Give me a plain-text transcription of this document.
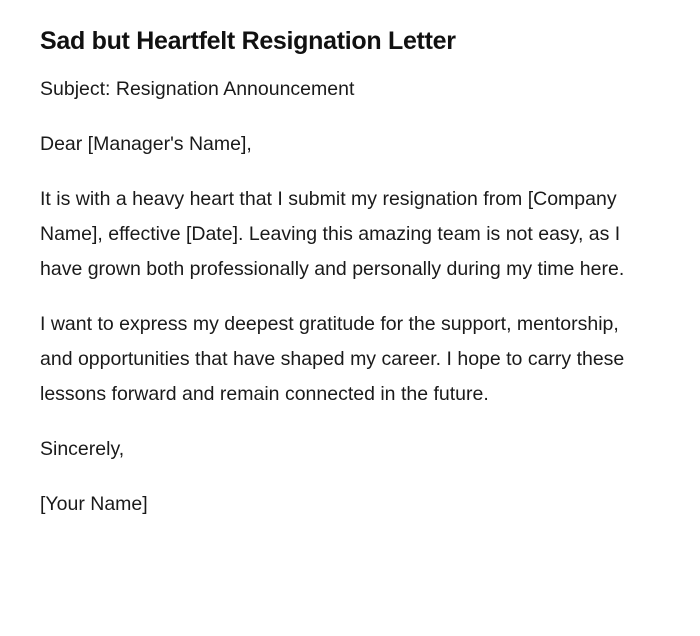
Sad but Heartfelt Resignation Letter

Subject: Resignation Announcement

Dear [Manager's Name],

It is with a heavy heart that I submit my resignation from [Company Name], effective [Date]. Leaving this amazing team is not easy, as I have grown both professionally and personally during my time here.

I want to express my deepest gratitude for the support, mentorship, and opportunities that have shaped my career. I hope to carry these lessons forward and remain connected in the future.

Sincerely,

[Your Name]
